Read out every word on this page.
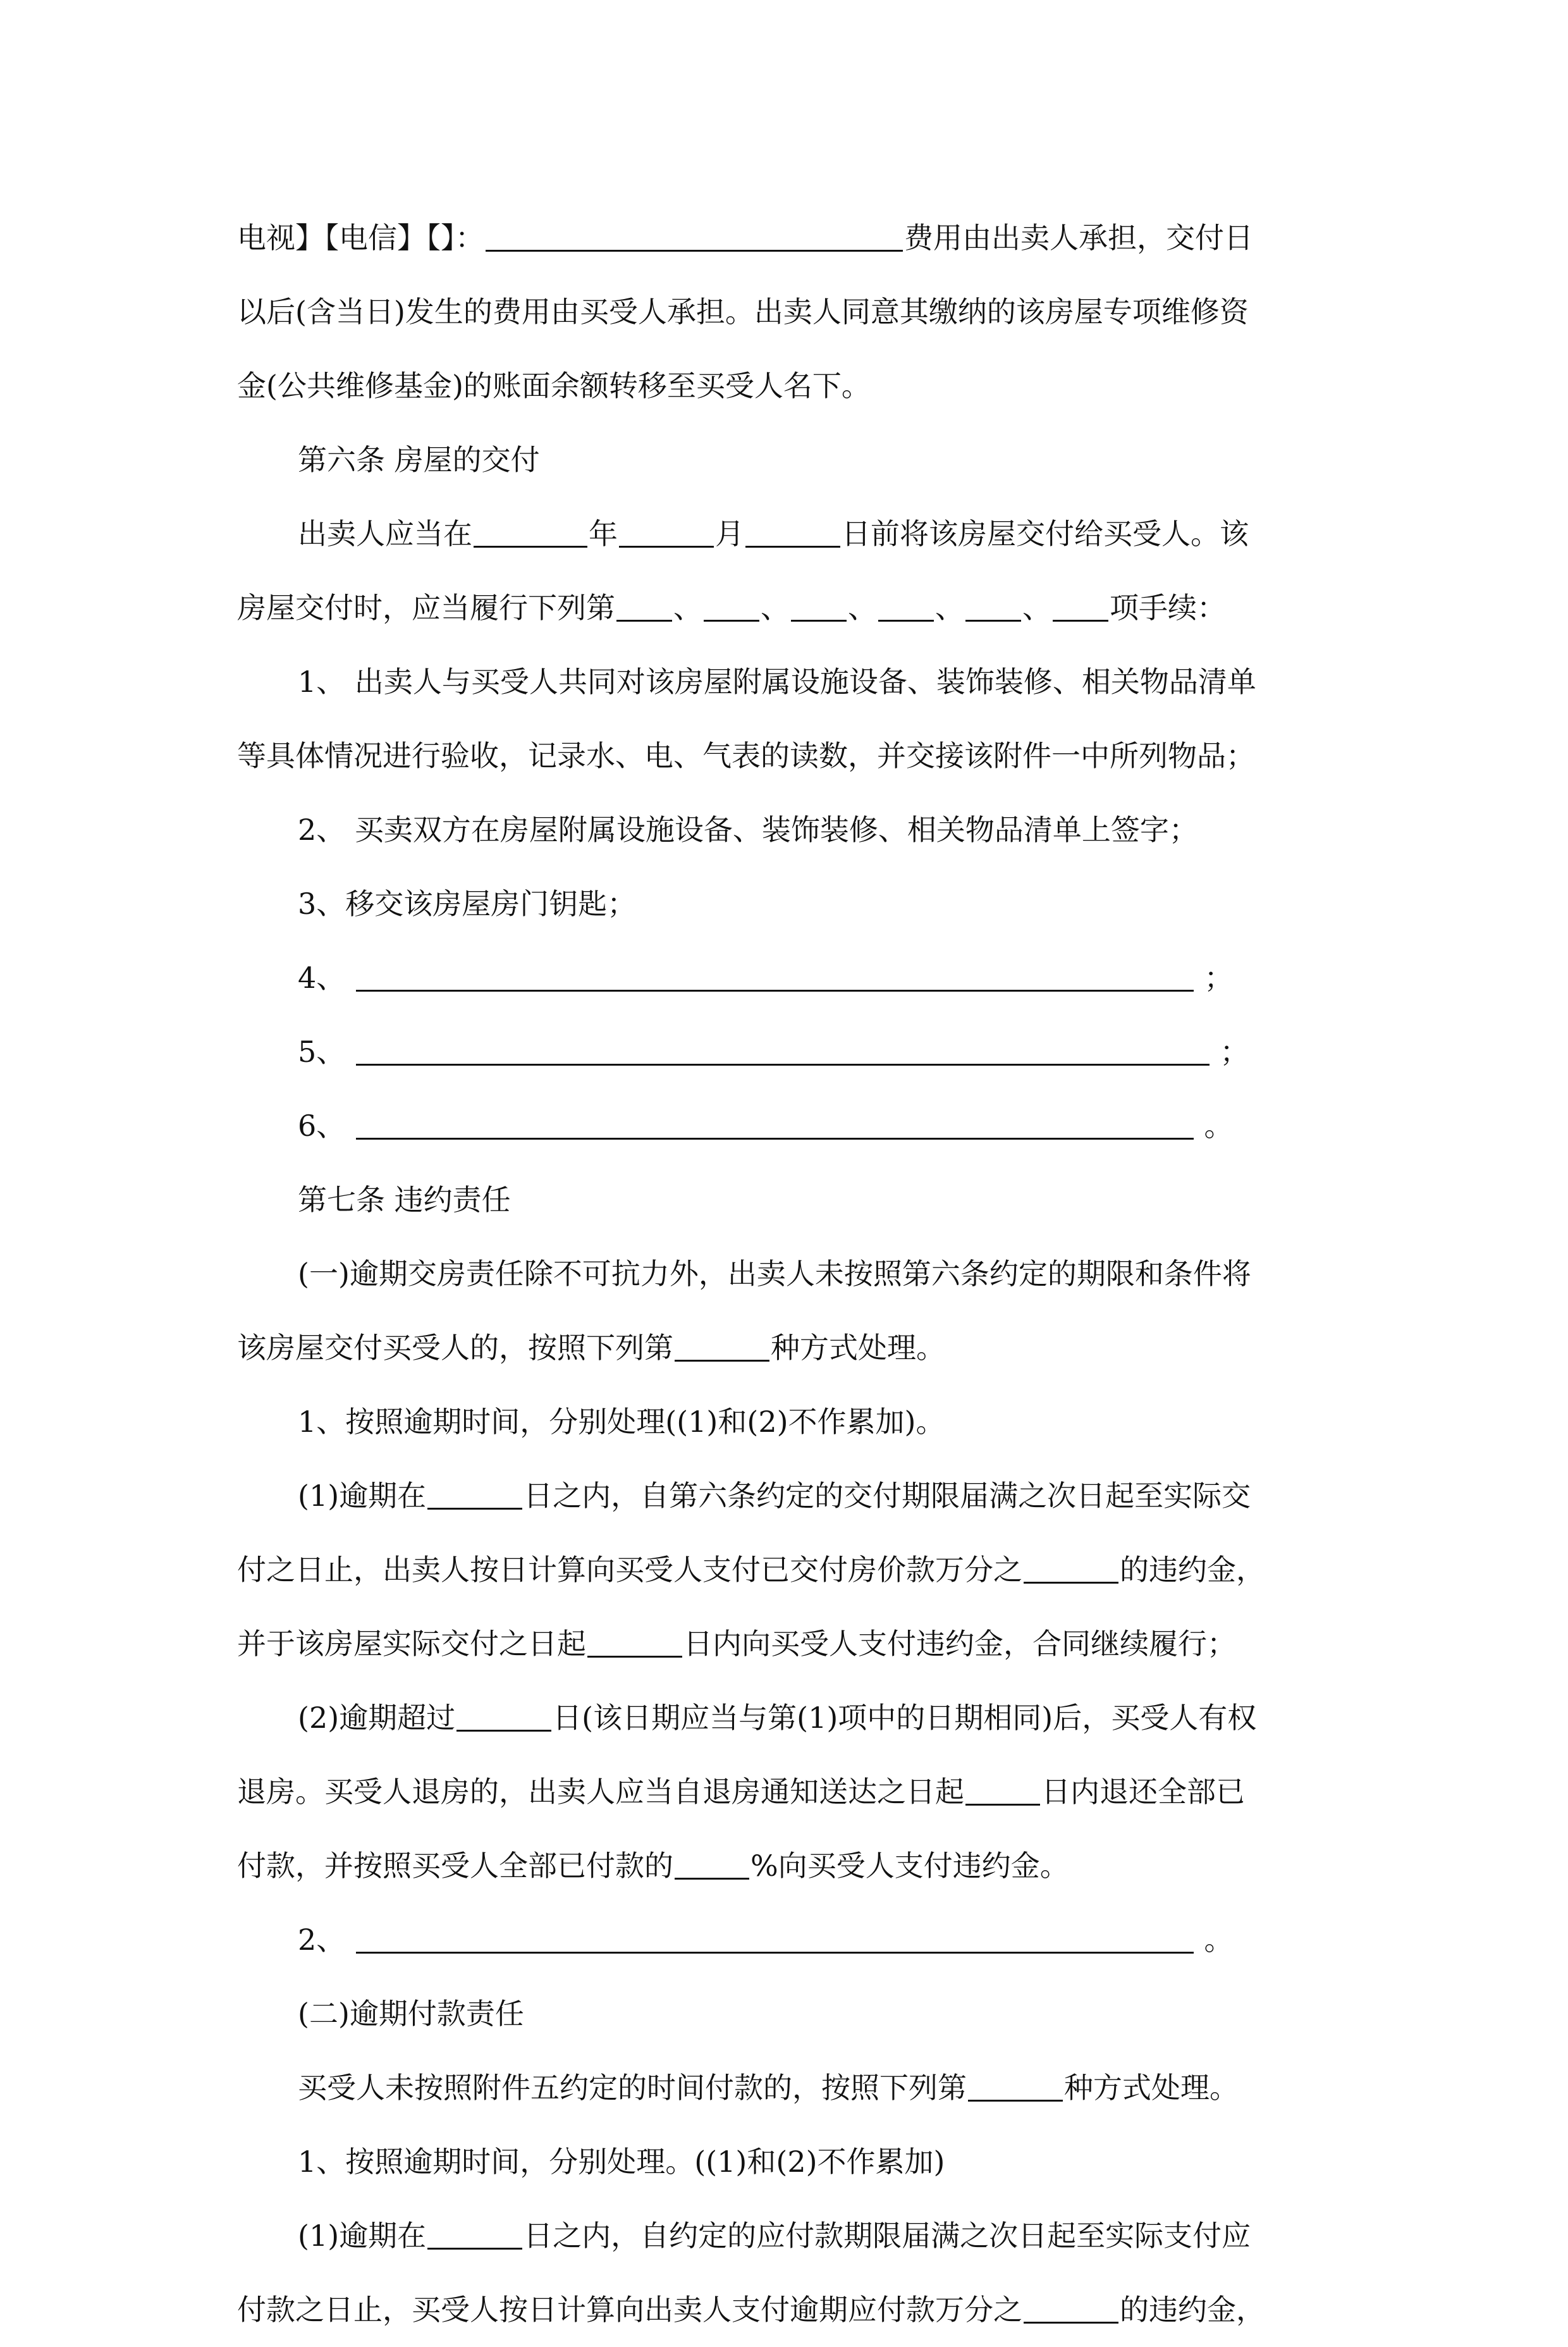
电视】【电信】【】：	费用由出卖人承担，交付日
以后(含当日)发生的费用由买受人承担。出卖人同意其缴纳的该房屋专项维修资
金(公共维修基金)的账面余额转移至买受人名下。
第六条 房屋的交付
出卖人应当在	年	月	日前将该房屋交付给买受人。该
房屋交付时，应当履行下列第 、 、 、 、 、 项手续：
1、 出卖人与买受人共同对该房屋附属设施设备、装饰装修、相关物品清单
等具体情况进行验收，记录水、电、气表的读数，并交接该附件一中所列物品；
2、 买卖双方在房屋附属设施设备、装饰装修、相关物品清单上签字；
3、移交该房屋房门钥匙；
4、	；
5、	；
6、	。
第七条 违约责任
(一)逾期交房责任除不可抗力外，出卖人未按照第六条约定的期限和条件将
该房屋交付买受人的，按照下列第	种方式处理。
1、按照逾期时间，分别处理((1)和(2)不作累加)。
(1)逾期在	日之内，自第六条约定的交付期限届满之次日起至实际交
付之日止，出卖人按日计算向买受人支付已交付房价款万分之	的违约金，
并于该房屋实际交付之日起	日内向买受人支付违约金，合同继续履行；
(2)逾期超过	日(该日期应当与第(1)项中的日期相同)后，买受人有权
退房。买受人退房的，出卖人应当自退房通知送达之日起	日内退还全部已
付款，并按照买受人全部已付款的	%向买受人支付违约金。
2、	。
(二)逾期付款责任
买受人未按照附件五约定的时间付款的，按照下列第	种方式处理。
1、按照逾期时间，分别处理。((1)和(2)不作累加)
(1)逾期在	日之内，自约定的应付款期限届满之次日起至实际支付应
付款之日止，买受人按日计算向出卖人支付逾期应付款万分之	的违约金，
